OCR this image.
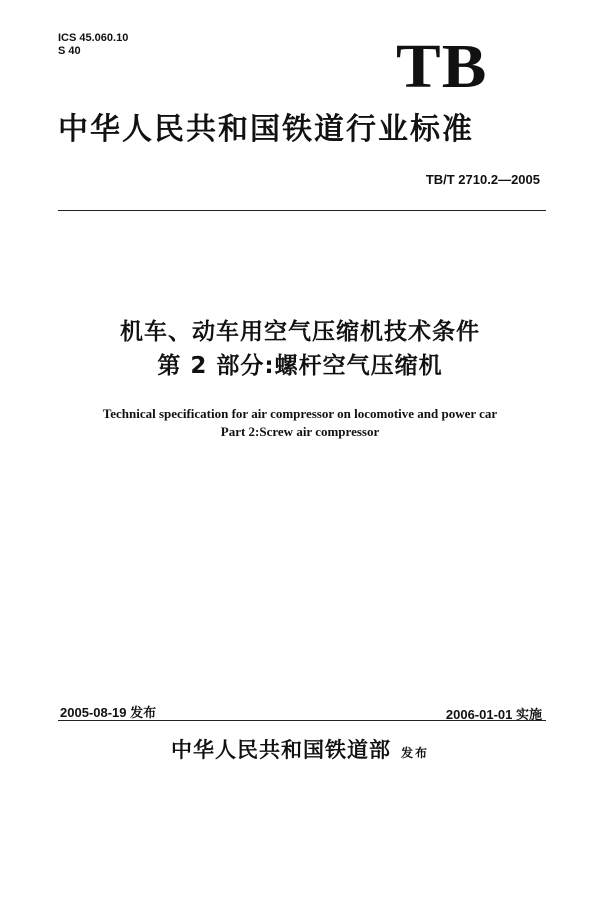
ICS 45.060.10
S 40	TB
中华人民共和国铁道行业标准
TB/T 2710.2—2005
机车、动车用空气压缩机技术条件
第 2 部分:螺杆空气压缩机
Technical specification for air compressor on locomotive and power car
Part 2:Screw air compressor
2005-08-19 发布	2006-01-01 实施
中华人民共和国铁道部 发布
